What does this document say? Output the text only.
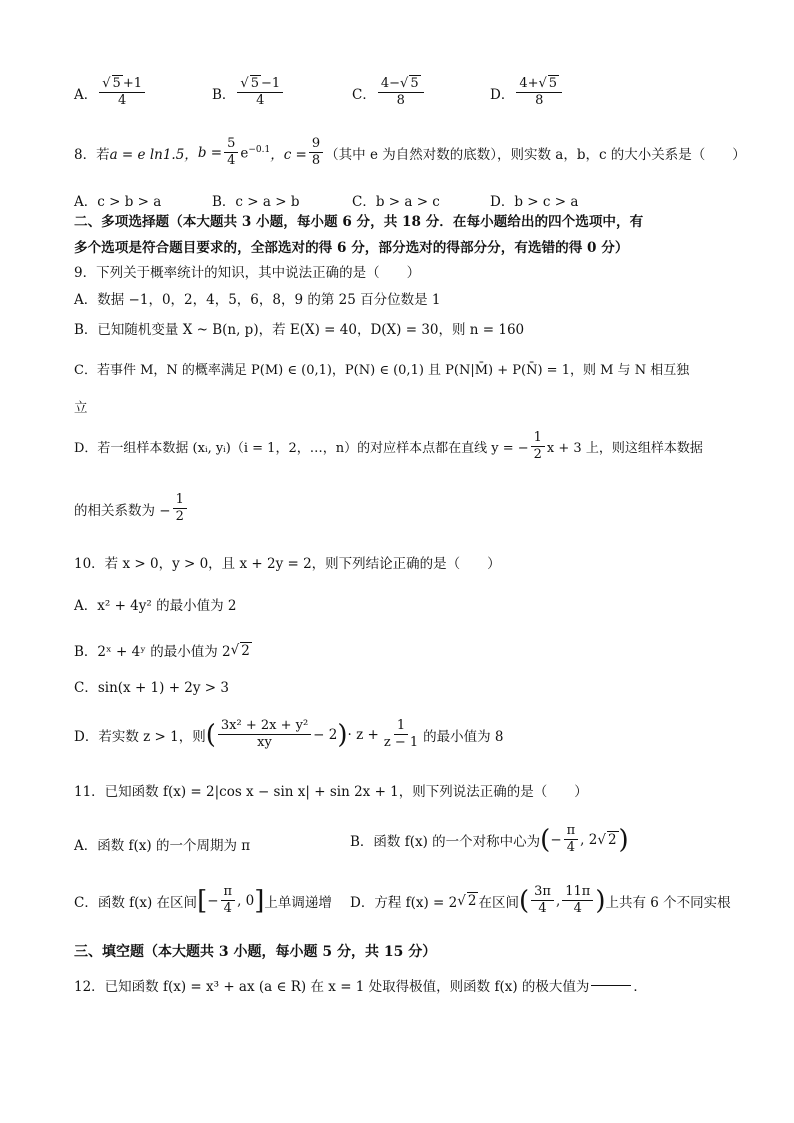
A． √ $\frac{5 +1}{4}$	B． √ $\frac{5 -1}{4}$	C． $\frac{4- √ 5}{8}$	D． $\frac{4+ √ 5}{8}$
8．若 a = e ln1.5， $b = \frac{5}{4} e^{-0.1}$ ，$c = \frac{9}{8}$ （其中 e 为自然对数的底数），则实数 a，b，c 的大小关系是（　　）
A．c > b > a	B．c > a > b	C．b > a > c	D．b > c > a
二、多项选择题（本大题共 3 小题，每小题 6 分，共 18 分．在每小题给出的四个选项中，有
多个选项是符合题目要求的，全部选对的得 6 分，部分选对的得部分分，有选错的得 0 分）
9．下列关于概率统计的知识，其中说法正确的是（　　）
A．数据 −1，0，2，4，5，6，8，9 的第 25 百分位数是 1
B．已知随机变量 X ~ B(n, p)，若 E(X) = 40，D(X) = 30，则 n = 160
C．若事件 M，N 的概率满足 P(M) ∈ (0,1)，P(N) ∈ (0,1) 且 P(N|M̄) + P(N̄) = 1，则 M 与 N 相互独
立
D．若一组样本数据 (xᵢ, yᵢ)（i = 1，2，…，n）的对应样本点都在直线 y = − $\frac{1}{2}$ x + 3 上，则这组样本数据
的相关系数为 − $\frac{1}{2}$
10．若 x > 0，y > 0，且 x + 2y = 2，则下列结论正确的是（　　）
A．x² + 4y² 的最小值为 2
B．2ˣ + 4ʸ 的最小值为 2 √ 2
C．sin(x + 1) + 2y > 3
D．若实数 z > 1，则 ( $\frac{\text{3x² + 2x + y²}}{xy} - 2$ ) · $z + \frac{1}{z - 1}$ 的最小值为 8
11．已知函数 f(x) = 2|cos x − sin x| + sin 2x + 1，则下列说法正确的是（　　）
A．函数 f(x) 的一个周期为 π	B．函数 f(x) 的一个对称中心为 ( − $\frac{\pi}{4}$ , 2 √ 2 )
C．函数 f(x) 在区间 [ − $\frac{\pi}{4}$ , 0 ] 上单调递增 D．方程 f(x) = 2 √ 2 在区间 ( $\frac{3\pi}{4}$ , $\frac{11\pi}{4}$ ) 上共有 6 个不同实根
三、填空题（本大题共 3 小题，每小题 5 分，共 15 分）
12．已知函数 f(x) = x³ + ax (a ∈ R) 在 x = 1 处取得极值，则函数 f(x) 的极大值为	．
